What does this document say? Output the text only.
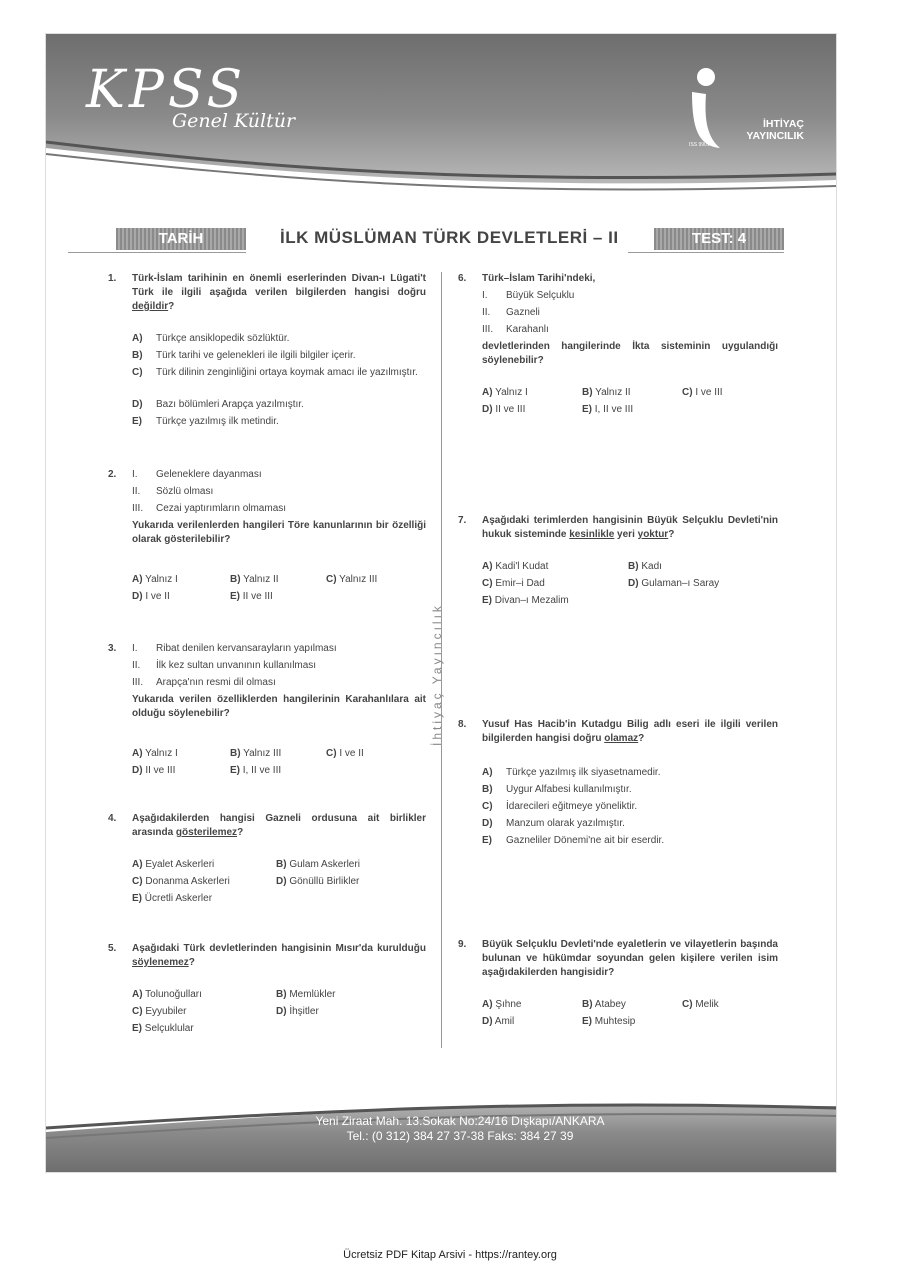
KPSS
Genel Kültür	İHTİYAÇ YAYINCILIK
ISS 9901
TARİH	İLK MÜSLÜMAN TÜRK DEVLETLERİ – II	TEST: 4
İhtiyaç Yayıncılık
1. Türk-İslam tarihinin en önemli eserlerinden Divan-ı Lügati't Türk ile ilgili aşağıda verilen bilgilerden hangisi doğru değildir?
A) Türkçe ansiklopedik sözlüktür.
B) Türk tarihi ve gelenekleri ile ilgili bilgiler içerir.
C)	Türk dilinin zenginliğini ortaya koymak amacı ile yazılmıştır.
D) Bazı bölümleri Arapça yazılmıştır.
E) Türkçe yazılmış ilk metindir.
2. I. Geleneklere dayanması
II. Sözlü olması
III. Cezai yaptırımların olmaması
Yukarıda verilenlerden hangileri Töre kanunlarının bir özelliği olarak gösterilebilir?
A) Yalnız I	B) Yalnız II	C) Yalnız III
D) I ve II	E) II ve III
3. I. Ribat denilen kervansarayların yapılması
II. İlk kez sultan unvanının kullanılması
III. Arapça'nın resmi dil olması
Yukarıda verilen özelliklerden hangilerinin Karahanlılara ait olduğu söylenebilir?
A) Yalnız I	B) Yalnız III	C) I ve II
D) II ve III	E) I, II ve III
4. Aşağıdakilerden hangisi Gazneli ordusuna ait birlikler arasında gösterilemez?
A) Eyalet Askerleri	B) Gulam Askerleri
C) Donanma Askerleri	D) Gönüllü Birlikler
E) Ücretli Askerler
5. Aşağıdaki Türk devletlerinden hangisinin Mısır'da kurulduğu söylenemez?
A) Tolunoğulları	B) Memlükler
C) Eyyubiler	D) İhşitler
E) Selçuklular
6. Türk–İslam Tarihi'ndeki,
I. Büyük Selçuklu
II. Gazneli
III. Karahanlı
devletlerinden hangilerinde İkta sisteminin uygulandığı söylenebilir?
A) Yalnız I	B) Yalnız II	C) I ve III
D) II ve III	E) I, II ve III
7. Aşağıdaki terimlerden hangisinin Büyük Selçuklu Devleti'nin hukuk sisteminde kesinlikle yeri yoktur?
A) Kadi'l Kudat	B) Kadı
C) Emir–i Dad	D) Gulaman–ı Saray
E) Divan–ı Mezalim
8. Yusuf Has Hacib'in Kutadgu Bilig adlı eseri ile ilgili verilen bilgilerden hangisi doğru olamaz?
A) Türkçe yazılmış ilk siyasetnamedir.
B) Uygur Alfabesi kullanılmıştır.
C) İdarecileri eğitmeye yöneliktir.
D) Manzum olarak yazılmıştır.
E) Gazneliler Dönemi'ne ait bir eserdir.
9. Büyük Selçuklu Devleti'nde eyaletlerin ve vilayetlerin başında bulunan ve hükümdar soyundan gelen kişilere verilen isim aşağıdakilerden hangisidir?
A) Şıhne	B) Atabey	C) Melik
D) Amil	E) Muhtesip
Yeni Ziraat Mah. 13.Sokak No:24/16 Dışkapı/ANKARA
Tel.: (0 312) 384 27 37-38 Faks: 384 27 39
Ücretsiz PDF Kitap Arsivi - https://rantey.org
